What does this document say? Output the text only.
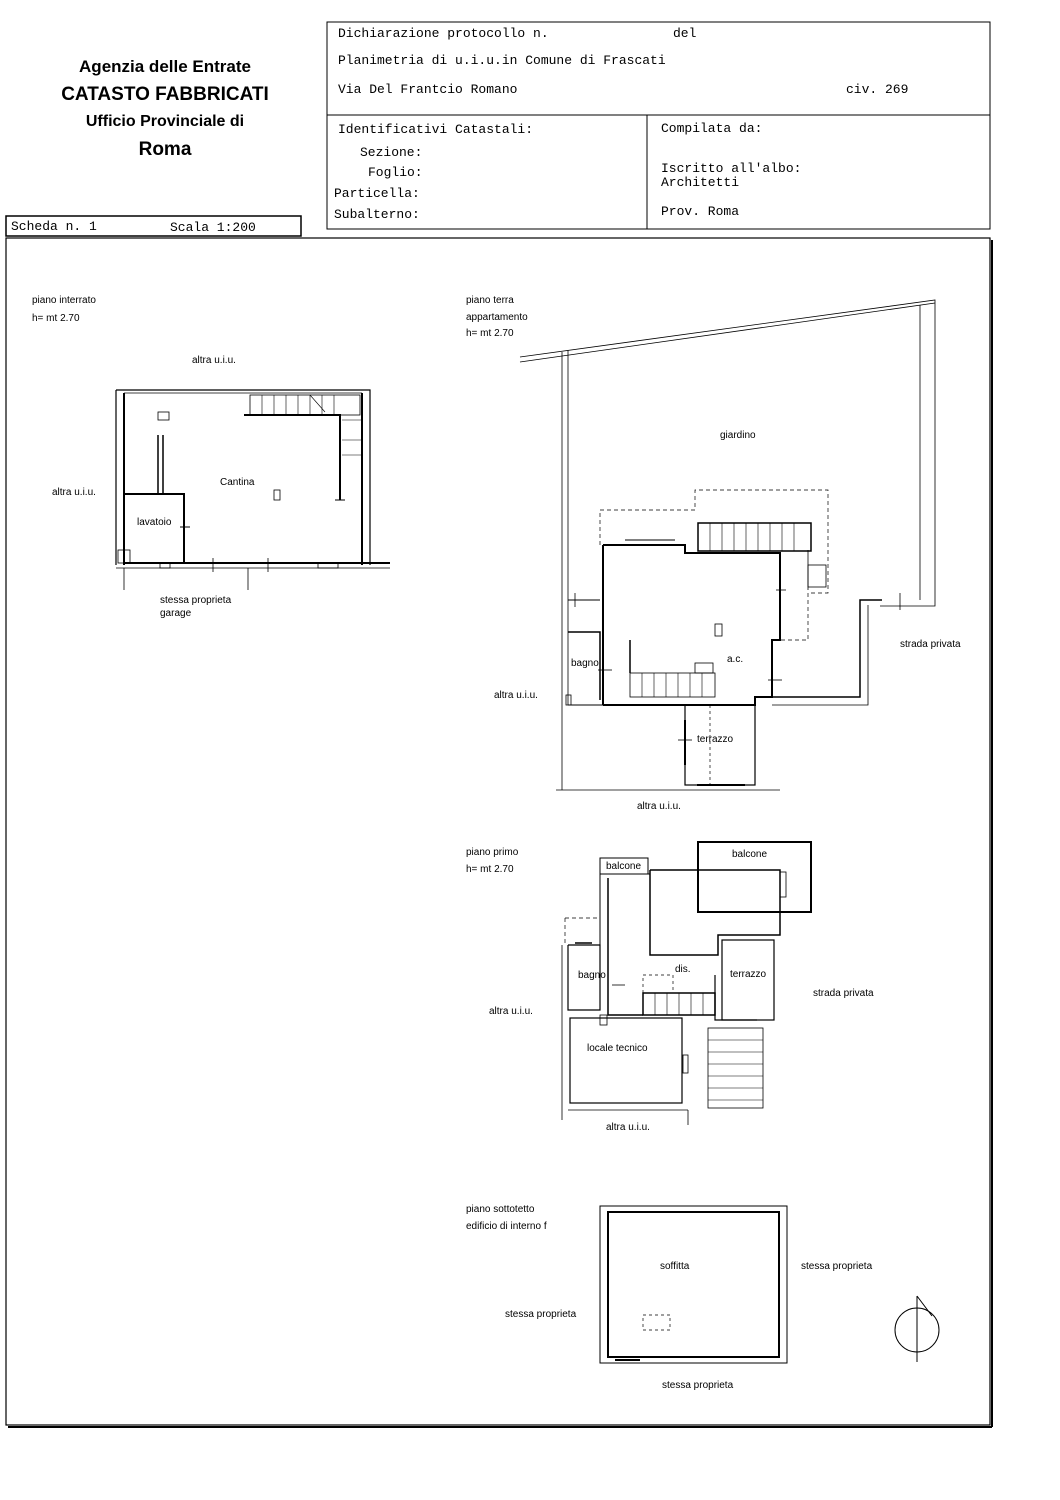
Agenzia delle Entrate
CATASTO FABBRICATI
Ufficio Provinciale di
Roma
Scheda n. 1	Scala 1:200
Dichiarazione protocollo n.	del
Planimetria di u.i.u.in Comune di Frascati
Via Del Frantcio Romano	civ. 269
Identificativi Catastali:
Sezione:
Foglio:
Particella:
Subalterno:
Compilata da:
Iscritto all'albo:
Architetti
Prov. Roma
piano interrato
h= mt 2.70
altra u.i.u.
altra u.i.u.
Cantina
lavatoio
stessa proprieta
garage
piano terra
appartamento
h= mt 2.70
giardino
strada privata
bagno	a.c.
altra u.i.u.
terrazzo
altra u.i.u.
piano primo
h= mt 2.70	balcone
balcone
dis.	terrazzo
bagno
strada privata
altra u.i.u.
locale tecnico
altra u.i.u.
piano sottotetto
edificio di interno f
soffitta	stessa proprieta
stessa proprieta
stessa proprieta
